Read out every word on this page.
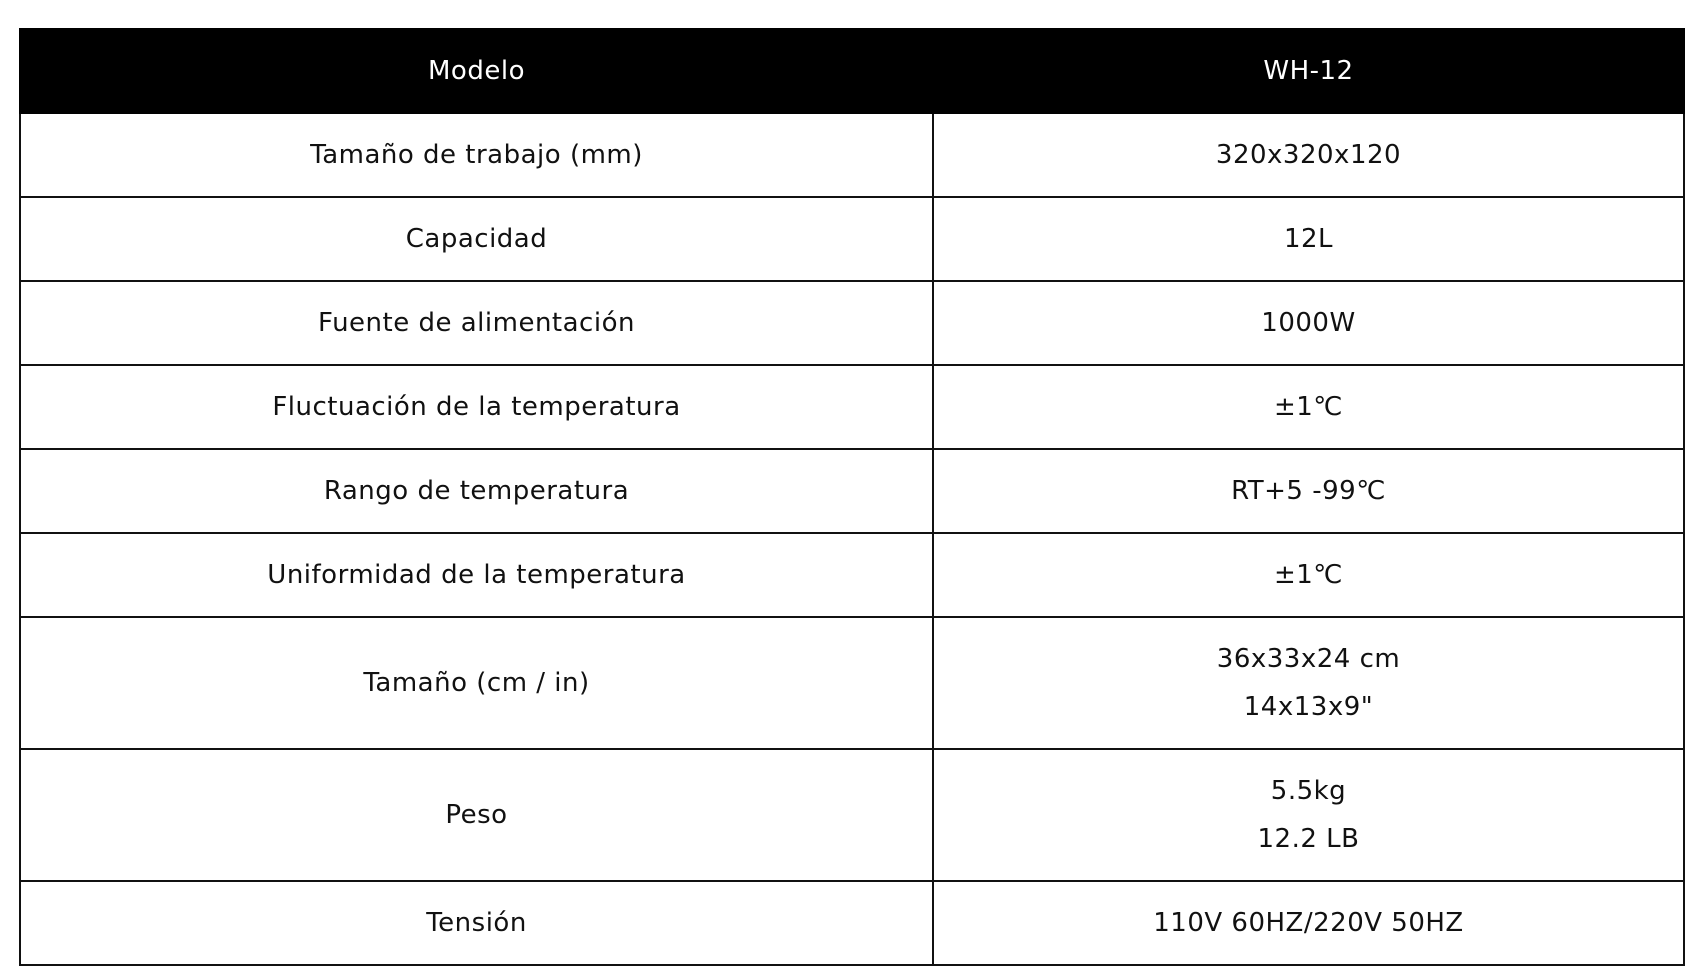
Modelo	WH-12
Tamaño de trabajo (mm)	320x320x120

Capacidad	12L

Fuente de alimentación	1000W

Fluctuación de la temperatura	±1℃

Rango de temperatura	RT+5 -99℃

Uniformidad de la temperatura	±1℃

Tamaño (cm / in)	36x33x24 cm
14x13x9"

Peso	5.5kg
12.2 LB

Tensión	110V 60HZ/220V 50HZ
